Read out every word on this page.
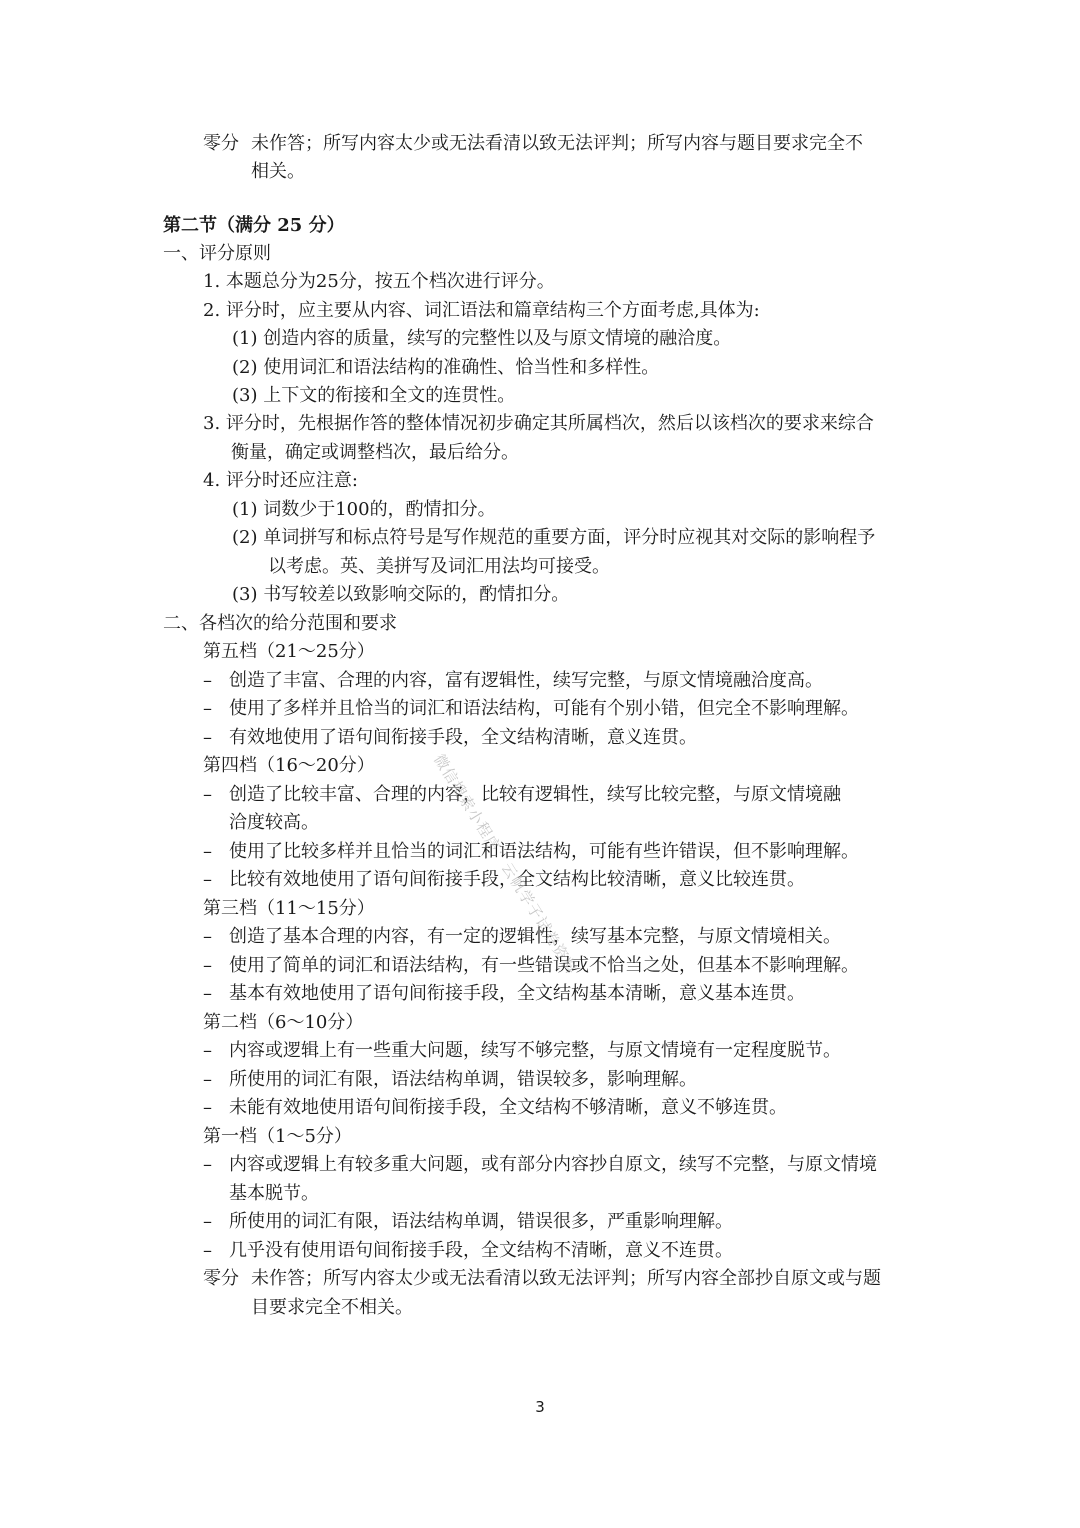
零分 未作答；所写内容太少或无法看清以致无法评判；所写内容与题目要求完全不
相关。
第二节（满分 25 分）
一、评分原则
1. 本题总分为25分，按五个档次进行评分。
2. 评分时，应主要从内容、词汇语法和篇章结构三个方面考虑,具体为:
(1) 创造内容的质量，续写的完整性以及与原文情境的融洽度。
(2) 使用词汇和语法结构的准确性、恰当性和多样性。
(3) 上下文的衔接和全文的连贯性。
3. 评分时，先根据作答的整体情况初步确定其所属档次，然后以该档次的要求来综合
衡量，确定或调整档次，最后给分。
4. 评分时还应注意:
(1) 词数少于100的，酌情扣分。
(2) 单词拼写和标点符号是写作规范的重要方面，评分时应视其对交际的影响程予
以考虑。英、美拼写及词汇用法均可接受。
(3) 书写较差以致影响交际的，酌情扣分。
二、各档次的给分范围和要求
第五档（21～25分）
– 创造了丰富、合理的内容，富有逻辑性，续写完整，与原文情境融洽度高。
– 使用了多样并且恰当的词汇和语法结构，可能有个别小错，但完全不影响理解。
– 有效地使用了语句间衔接手段，全文结构清晰，意义连贯。
第四档（16～20分）
– 创造了比较丰富、合理的内容，比较有逻辑性，续写比较完整，与原文情境融
洽度较高。
– 使用了比较多样并且恰当的词汇和语法结构，可能有些许错误，但不影响理解。
– 比较有效地使用了语句间衔接手段，全文结构比较清晰，意义比较连贯。
第三档（11～15分）
– 创造了基本合理的内容，有一定的逻辑性，续写基本完整，与原文情境相关。
– 使用了简单的词汇和语法结构，有一些错误或不恰当之处，但基本不影响理解。
– 基本有效地使用了语句间衔接手段，全文结构基本清晰，意义基本连贯。
第二档（6～10分）
– 内容或逻辑上有一些重大问题，续写不够完整，与原文情境有一定程度脱节。
– 所使用的词汇有限，语法结构单调，错误较多，影响理解。
– 未能有效地使用语句间衔接手段，全文结构不够清晰，意义不够连贯。
第一档（1～5分）
– 内容或逻辑上有较多重大问题，或有部分内容抄自原文，续写不完整，与原文情境
基本脱节。
– 所使用的词汇有限，语法结构单调，错误很多，严重影响理解。
– 几乎没有使用语句间衔接手段，全文结构不清晰，意义不连贯。
零分 未作答；所写内容太少或无法看清以致无法评判；所写内容全部抄自原文或与题
目要求完全不相关。
微信搜索小程序：云帆学子试卷资料
3
